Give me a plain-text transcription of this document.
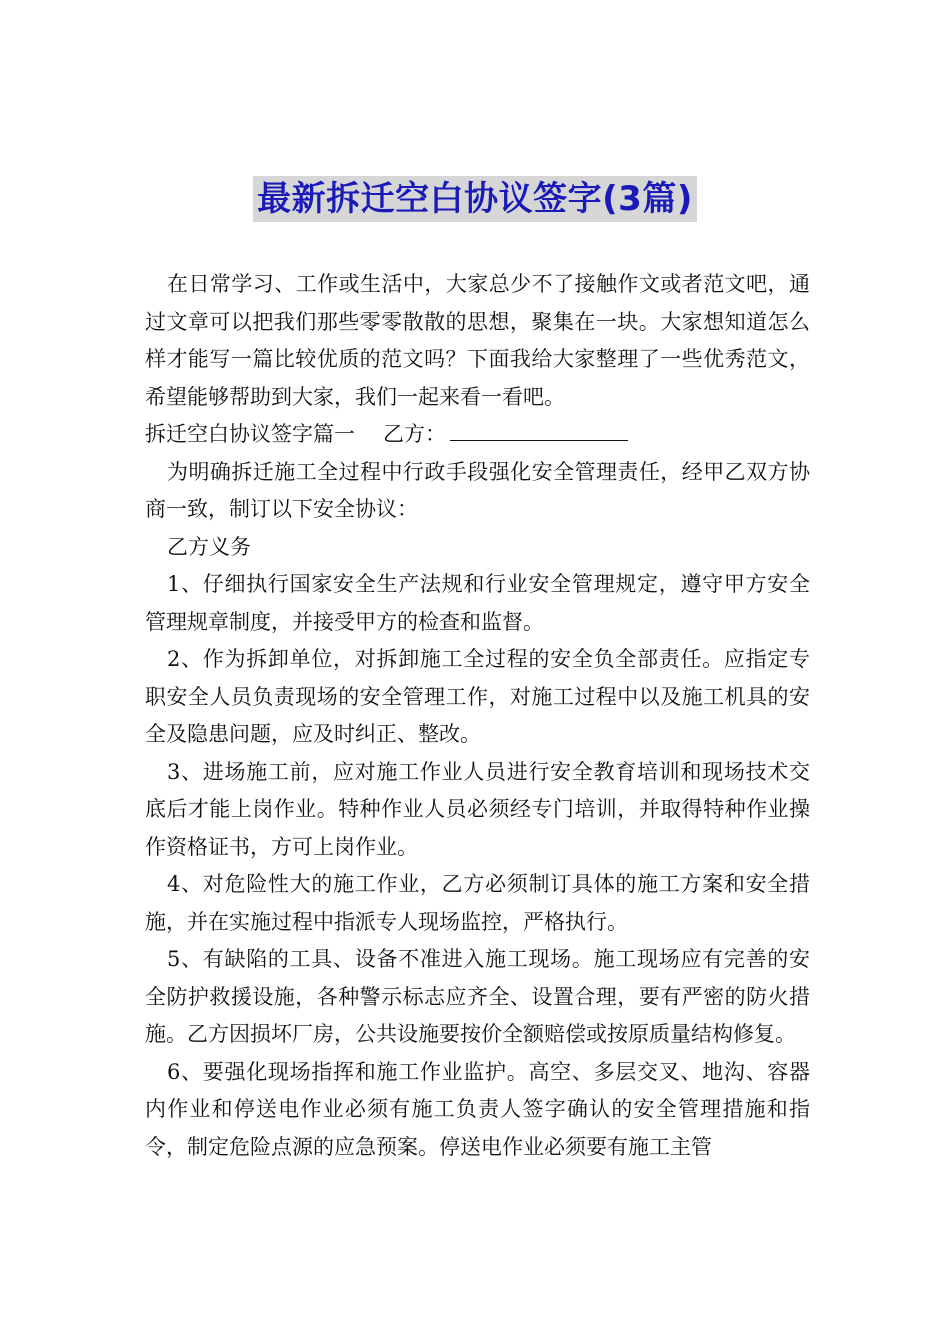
最新拆迁空白协议签字(3篇)

在日常学习、工作或生活中，大家总少不了接触作文或者范文吧，通过文章可以把我们那些零零散散的思想，聚集在一块。大家想知道怎么样才能写一篇比较优质的范文吗？下面我给大家整理了一些优秀范文，希望能够帮助到大家，我们一起来看一看吧。

拆迁空白协议签字篇一 乙方：

为明确拆迁施工全过程中行政手段强化安全管理责任，经甲乙双方协商一致，制订以下安全协议：

乙方义务

1、仔细执行国家安全生产法规和行业安全管理规定，遵守甲方安全管理规章制度，并接受甲方的检查和监督。

2、作为拆卸单位，对拆卸施工全过程的安全负全部责任。应指定专职安全人员负责现场的安全管理工作，对施工过程中以及施工机具的安全及隐患问题，应及时纠正、整改。

3、进场施工前，应对施工作业人员进行安全教育培训和现场技术交底后才能上岗作业。特种作业人员必须经专门培训，并取得特种作业操作资格证书，方可上岗作业。

4、对危险性大的施工作业，乙方必须制订具体的施工方案和安全措施，并在实施过程中指派专人现场监控，严格执行。

5、有缺陷的工具、设备不准进入施工现场。施工现场应有完善的安全防护救援设施，各种警示标志应齐全、设置合理，要有严密的防火措施。乙方因损坏厂房，公共设施要按价全额赔偿或按原质量结构修复。

6、要强化现场指挥和施工作业监护。高空、多层交叉、地沟、容器内作业和停送电作业必须有施工负责人签字确认的安全管理措施和指令，制定危险点源的应急预案。停送电作业必须要有施工主管
